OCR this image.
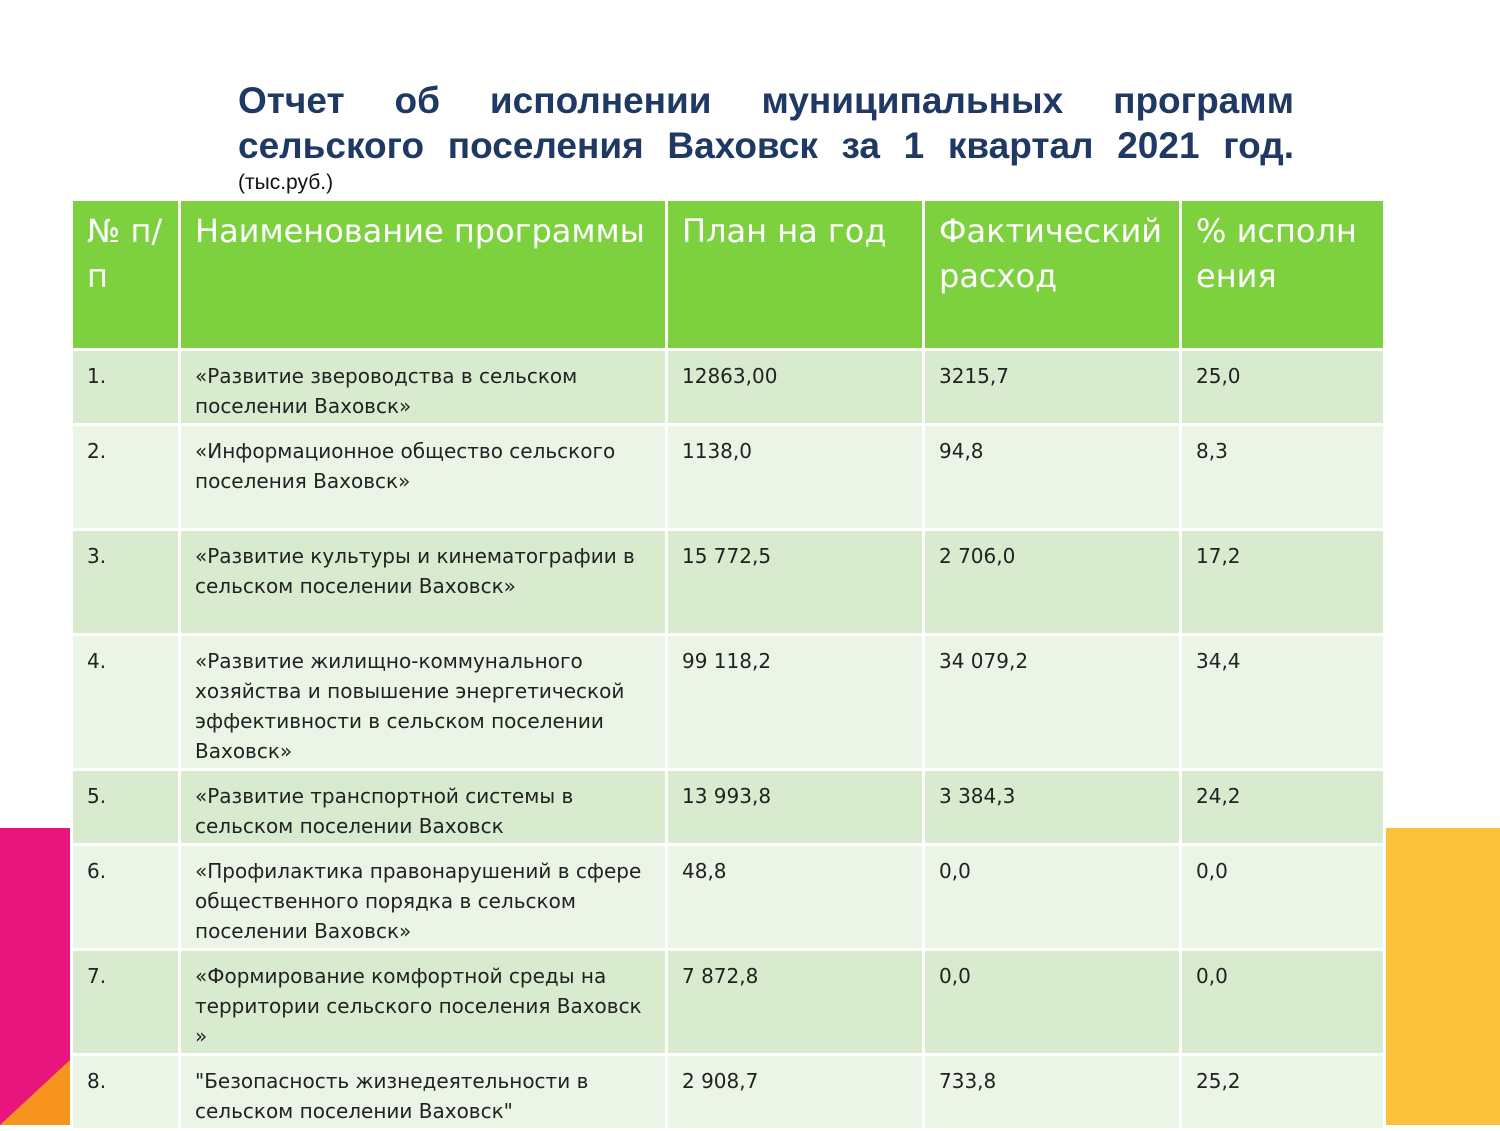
Отчет об исполнении муниципальных программ сельского поселения Ваховск за 1 квартал 2021 год.
(тыс.руб.)
№ п/п	Наименование программы	План на год	Фактический расход	% исполнения
1.	«Развитие звероводства в сельском поселении Ваховск»	12863,00	3215,7	25,0
2.	«Информационное общество сельского поселения Ваховск»	1138,0	94,8	8,3
3.	«Развитие культуры и кинематографии в сельском поселении Ваховск»	15 772,5	2 706,0	17,2
4.	«Развитие жилищно-коммунального хозяйства и повышение энергетической эффективности в сельском поселении Ваховск»	99 118,2	34 079,2	34,4
5.	«Развитие транспортной системы в сельском поселении Ваховск	13 993,8	3 384,3	24,2
6.	«Профилактика правонарушений в сфере общественного порядка в сельском поселении Ваховск»	48,8	0,0	0,0
7.	«Формирование комфортной среды на территории сельского поселения Ваховск »	7 872,8	0,0	0,0
8.	"Безопасность жизнедеятельности в сельском поселении Ваховск"	2 908,7	733,8	25,2
